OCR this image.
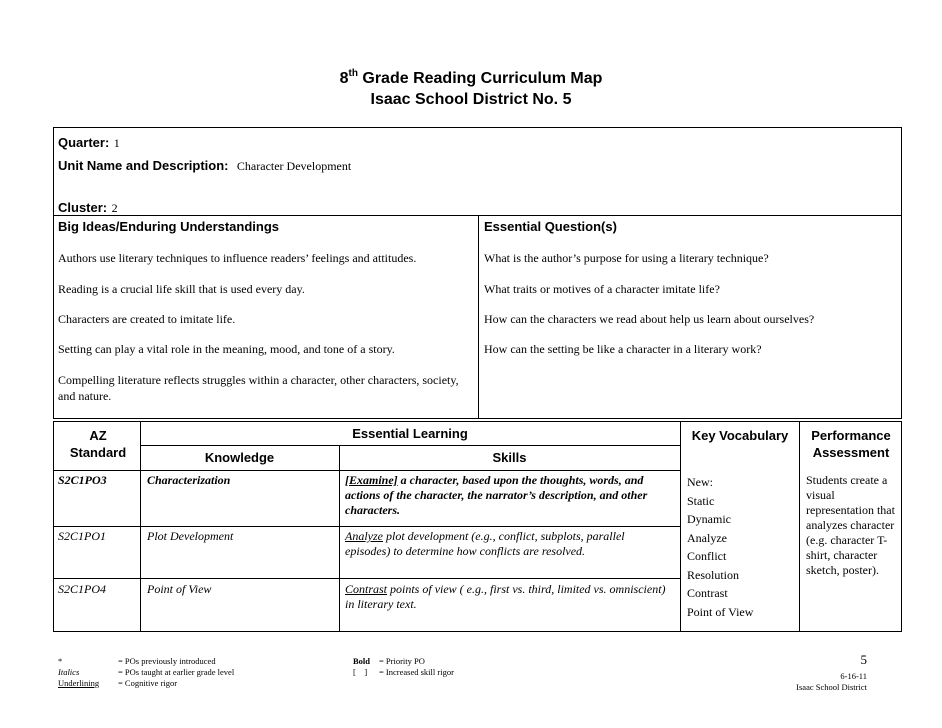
8th Grade Reading Curriculum Map
Isaac School District No. 5
Quarter: 1
Unit Name and Description: Character Development
Cluster: 2
Big Ideas/Enduring Understandings	Essential Question(s)
Authors use literary techniques to influence readers’ feelings and attitudes.
Reading is a crucial life skill that is used every day.
Characters are created to imitate life.
Setting can play a vital role in the meaning, mood, and tone of a story.
Compelling literature reflects struggles within a character, other characters, society, and nature.
What is the author’s purpose for using a literary technique?
What traits or motives of a character imitate life?
How can the characters we read about help us learn about ourselves?
How can the setting be like a character in a literary work?
AZ Standard
Essential Learning
Knowledge	Skills
Key Vocabulary	Performance Assessment
S2C1PO3	Characterization	[Examine] a character, based upon the thoughts, words, and actions of the character, the narrator’s description, and other characters.
S2C1PO1	Plot Development	Analyze plot development (e.g., conflict, subplots, parallel episodes) to determine how conflicts are resolved.
S2C1PO4	Point of View	Contrast points of view ( e.g., first vs. third, limited vs. omniscient) in literary text.
New:
Static
Dynamic
Analyze
Conflict
Resolution
Contrast
Point of View
Students create a visual representation that analyzes character (e.g. character T-shirt, character sketch, poster).
*	= POs previously introduced
Italics	= POs taught at earlier grade level
Underlining = Cognitive rigor
Bold = Priority PO
[    ] = Increased skill rigor
5
6-16-11
Isaac School District
